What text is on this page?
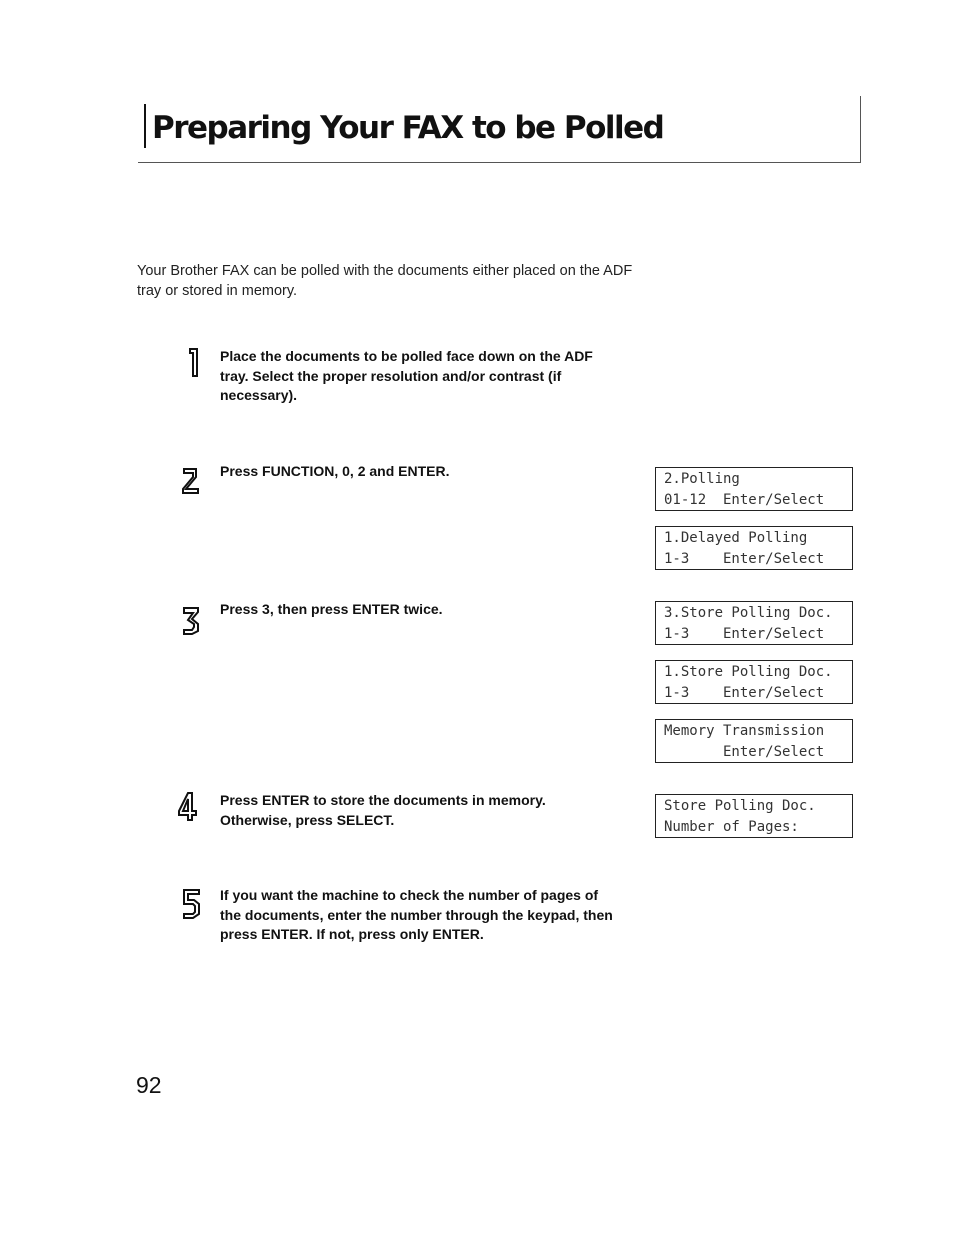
Preparing Your FAX to be Polled
Your Brother FAX can be polled with the documents either placed on the ADF tray or stored in memory.
Place the documents to be polled face down on the ADF tray. Select the proper resolution and/or contrast (if necessary).
Press FUNCTION, 0, 2 and ENTER.
Press 3, then press ENTER twice.
Press ENTER to store the documents in memory. Otherwise, press SELECT.
If you want the machine to check the number of pages of the documents, enter the number through the keypad, then press ENTER. If not, press only ENTER.
2.Polling
01-12  Enter/Select
1.Delayed Polling
1-3    Enter/Select
3.Store Polling Doc.
1-3    Enter/Select
1.Store Polling Doc.
1-3    Enter/Select
Memory Transmission
Enter/Select
Store Polling Doc.
Number of Pages:
92
